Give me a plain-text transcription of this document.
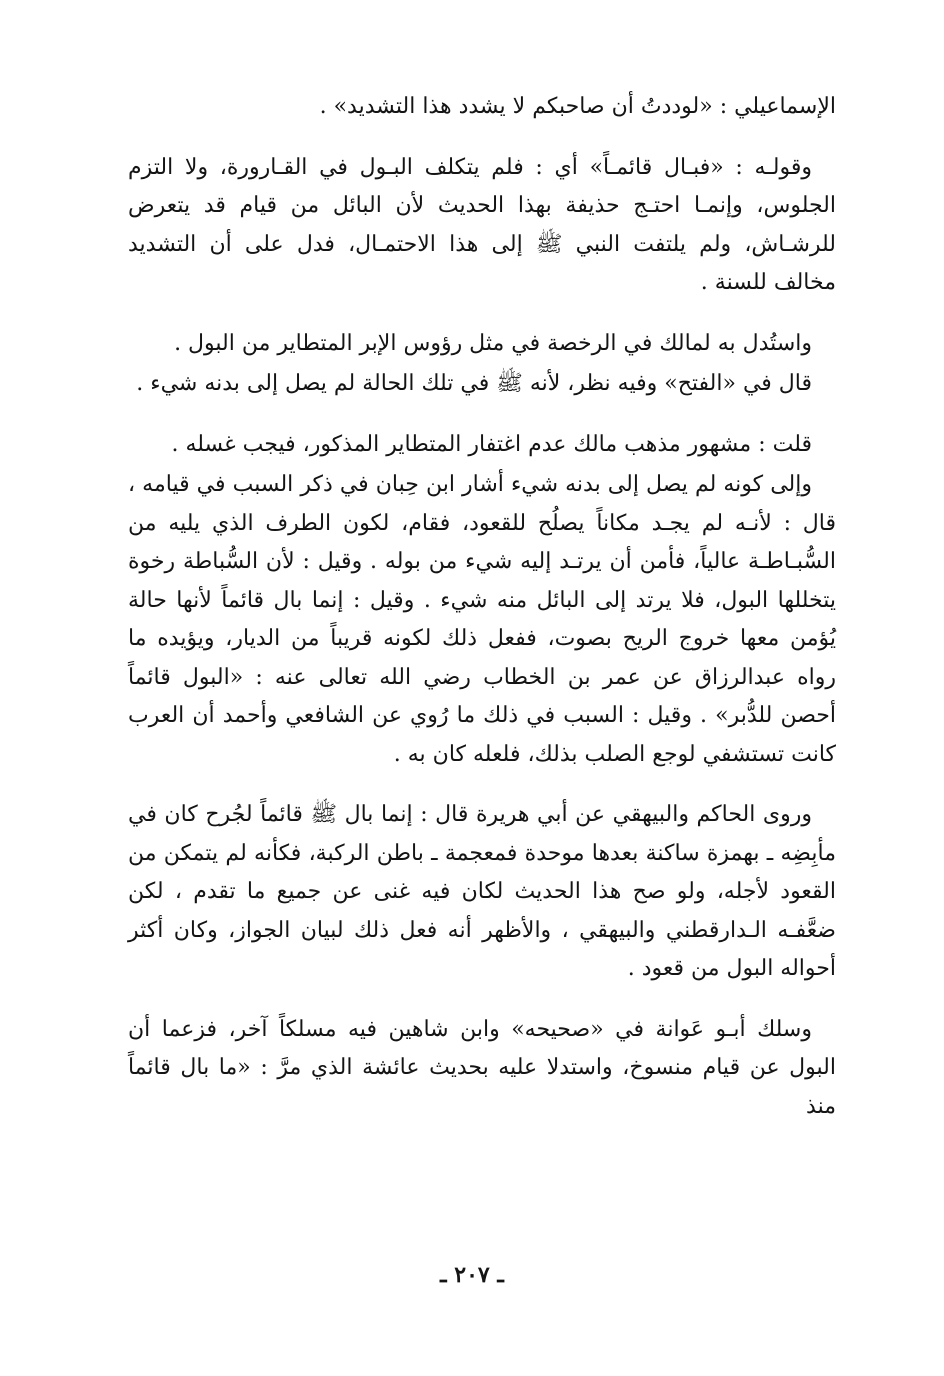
الإسماعيلي : «لوددتُ أن صاحبكم لا يشدد هذا التشديد» .

وقولـه : «فبـال قائمـاً» أي : فلم يتكلف البـول في القـارورة، ولا التزم الجلوس، وإنمـا احتـج حذيفة بهذا الحديث لأن البائل من قيام قد يتعرض للرشـاش، ولم يلتفت النبي ﷺ إلى هذا الاحتمـال، فدل على أن التشديد مخالف للسنة .

واستُدل به لمالك في الرخصة في مثل رؤوس الإبر المتطاير من البول .

قال في «الفتح» وفيه نظر، لأنه ﷺ في تلك الحالة لم يصل إلى بدنه شيء .

قلت : مشهور مذهب مالك عدم اغتفار المتطاير المذكور، فيجب غسله .

وإلى كونه لم يصل إلى بدنه شيء أشار ابن حِبان في ذكر السبب في قيامه ، قال : لأنـه لم يجـد مكاناً يصلُح للقعود، فقام، لكون الطرف الذي يليه من السُّبـاطـة عالياً، فأمن أن يرتـد إليه شيء من بوله . وقيل : لأن السُّباطة رخوة يتخللها البول، فلا يرتد إلى البائل منه شيء . وقيل : إنما بال قائماً لأنها حالة يُؤمن معها خروج الريح بصوت، ففعل ذلك لكونه قريباً من الديار، ويؤيده ما رواه عبدالرزاق عن عمر بن الخطاب رضي الله تعالى عنه : «البول قائماً أحصن للدُّبر» . وقيل : السبب في ذلك ما رُوي عن الشافعي وأحمد أن العرب كانت تستشفي لوجع الصلب بذلك، فلعله كان به .

وروى الحاكم والبيهقي عن أبي هريرة قال : إنما بال ﷺ قائماً لجُرح كان في مأبِضِه ـ بهمزة ساكنة بعدها موحدة فمعجمة ـ باطن الركبة، فكأنه لم يتمكن من القعود لأجله، ولو صح هذا الحديث لكان فيه غنى عن جميع ما تقدم ، لكن ضعَّفـه الـدارقطني والبيهقي ، والأظهر أنه فعل ذلك لبيان الجواز، وكان أكثر أحواله البول من قعود .

وسلك أبـو عَوانة في «صحيحه» وابن شاهين فيه مسلكاً آخر، فزعما أن البول عن قيام منسوخ، واستدلا عليه بحديث عائشة الذي مرَّ : «ما بال قائماً منذ

ـ ٢٠٧ ـ
